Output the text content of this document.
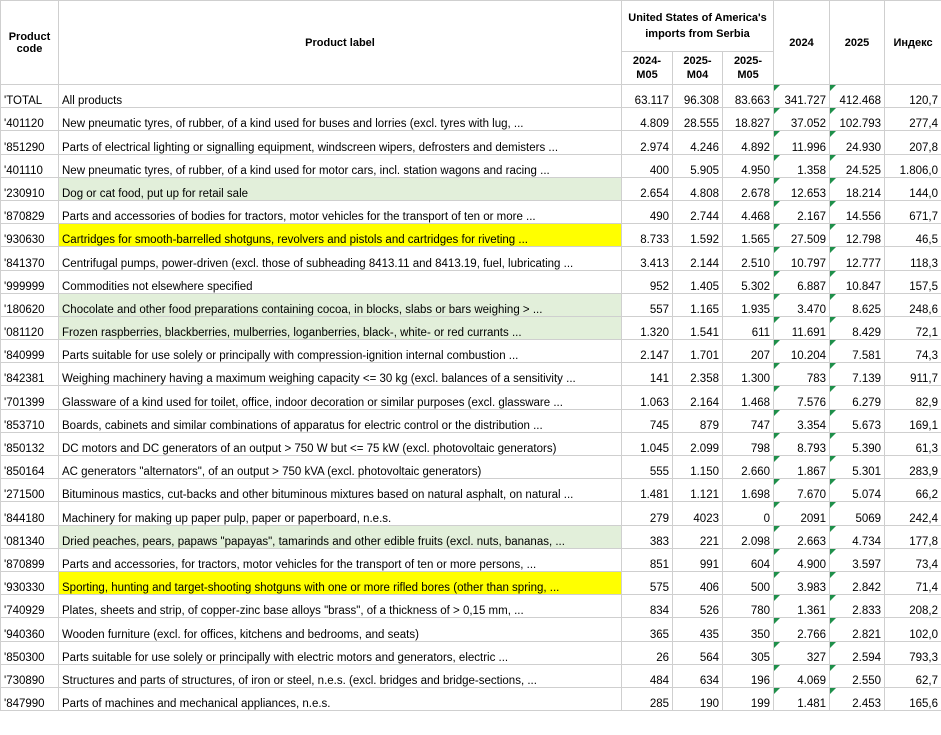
Product code	Product label	United States of America's imports from Serbia			2024	2025	Индекс
		2024-M05	2025-M04	2025-M05			
'TOTAL	All products	63.117	96.308	83.663	341.727	412.468	120,7
'401120	New pneumatic tyres, of rubber, of a kind used for buses and lorries (excl. tyres with lug, ...	4.809	28.555	18.827	37.052	102.793	277,4
'851290	Parts of electrical lighting or signalling equipment, windscreen wipers, defrosters and demisters ...	2.974	4.246	4.892	11.996	24.930	207,8
'401110	New pneumatic tyres, of rubber, of a kind used for motor cars, incl. station wagons and racing ...	400	5.905	4.950	1.358	24.525	1.806,0
'230910	Dog or cat food, put up for retail sale	2.654	4.808	2.678	12.653	18.214	144,0
'870829	Parts and accessories of bodies for tractors, motor vehicles for the transport of ten or more ...	490	2.744	4.468	2.167	14.556	671,7
'930630	Cartridges for smooth-barrelled shotguns, revolvers and pistols and cartridges for riveting ...	8.733	1.592	1.565	27.509	12.798	46,5
'841370	Centrifugal pumps, power-driven (excl. those of subheading 8413.11 and 8413.19, fuel, lubricating ...	3.413	2.144	2.510	10.797	12.777	118,3
'999999	Commodities not elsewhere specified	952	1.405	5.302	6.887	10.847	157,5
'180620	Chocolate and other food preparations containing cocoa, in blocks, slabs or bars weighing > ...	557	1.165	1.935	3.470	8.625	248,6
'081120	Frozen raspberries, blackberries, mulberries, loganberries, black-, white- or red currants ...	1.320	1.541	611	11.691	8.429	72,1
'840999	Parts suitable for use solely or principally with compression-ignition internal combustion ...	2.147	1.701	207	10.204	7.581	74,3
'842381	Weighing machinery having a maximum weighing capacity <= 30 kg (excl. balances of a sensitivity ...	141	2.358	1.300	783	7.139	911,7
'701399	Glassware of a kind used for toilet, office, indoor decoration or similar purposes (excl. glassware ...	1.063	2.164	1.468	7.576	6.279	82,9
'853710	Boards, cabinets and similar combinations of apparatus for electric control or the distribution ...	745	879	747	3.354	5.673	169,1
'850132	DC motors and DC generators of an output > 750 W but <= 75 kW (excl. photovoltaic generators)	1.045	2.099	798	8.793	5.390	61,3
'850164	AC generators "alternators", of an output > 750 kVA (excl. photovoltaic generators)	555	1.150	2.660	1.867	5.301	283,9
'271500	Bituminous mastics, cut-backs and other bituminous mixtures based on natural asphalt, on natural ...	1.481	1.121	1.698	7.670	5.074	66,2
'844180	Machinery for making up paper pulp, paper or paperboard, n.e.s.	279	4023	0	2091	5069	242,4
'081340	Dried peaches, pears, papaws "papayas", tamarinds and other edible fruits (excl. nuts, bananas, ...	383	221	2.098	2.663	4.734	177,8
'870899	Parts and accessories, for tractors, motor vehicles for the transport of ten or more persons, ...	851	991	604	4.900	3.597	73,4
'930330	Sporting, hunting and target-shooting shotguns with one or more rifled bores (other than spring, ...	575	406	500	3.983	2.842	71,4
'740929	Plates, sheets and strip, of copper-zinc base alloys "brass", of a thickness of > 0,15 mm, ...	834	526	780	1.361	2.833	208,2
'940360	Wooden furniture (excl. for offices, kitchens and bedrooms, and seats)	365	435	350	2.766	2.821	102,0
'850300	Parts suitable for use solely or principally with electric motors and generators, electric ...	26	564	305	327	2.594	793,3
'730890	Structures and parts of structures, of iron or steel, n.e.s. (excl. bridges and bridge-sections, ...	484	634	196	4.069	2.550	62,7
'847990	Parts of machines and mechanical appliances, n.e.s.	285	190	199	1.481	2.453	165,6
